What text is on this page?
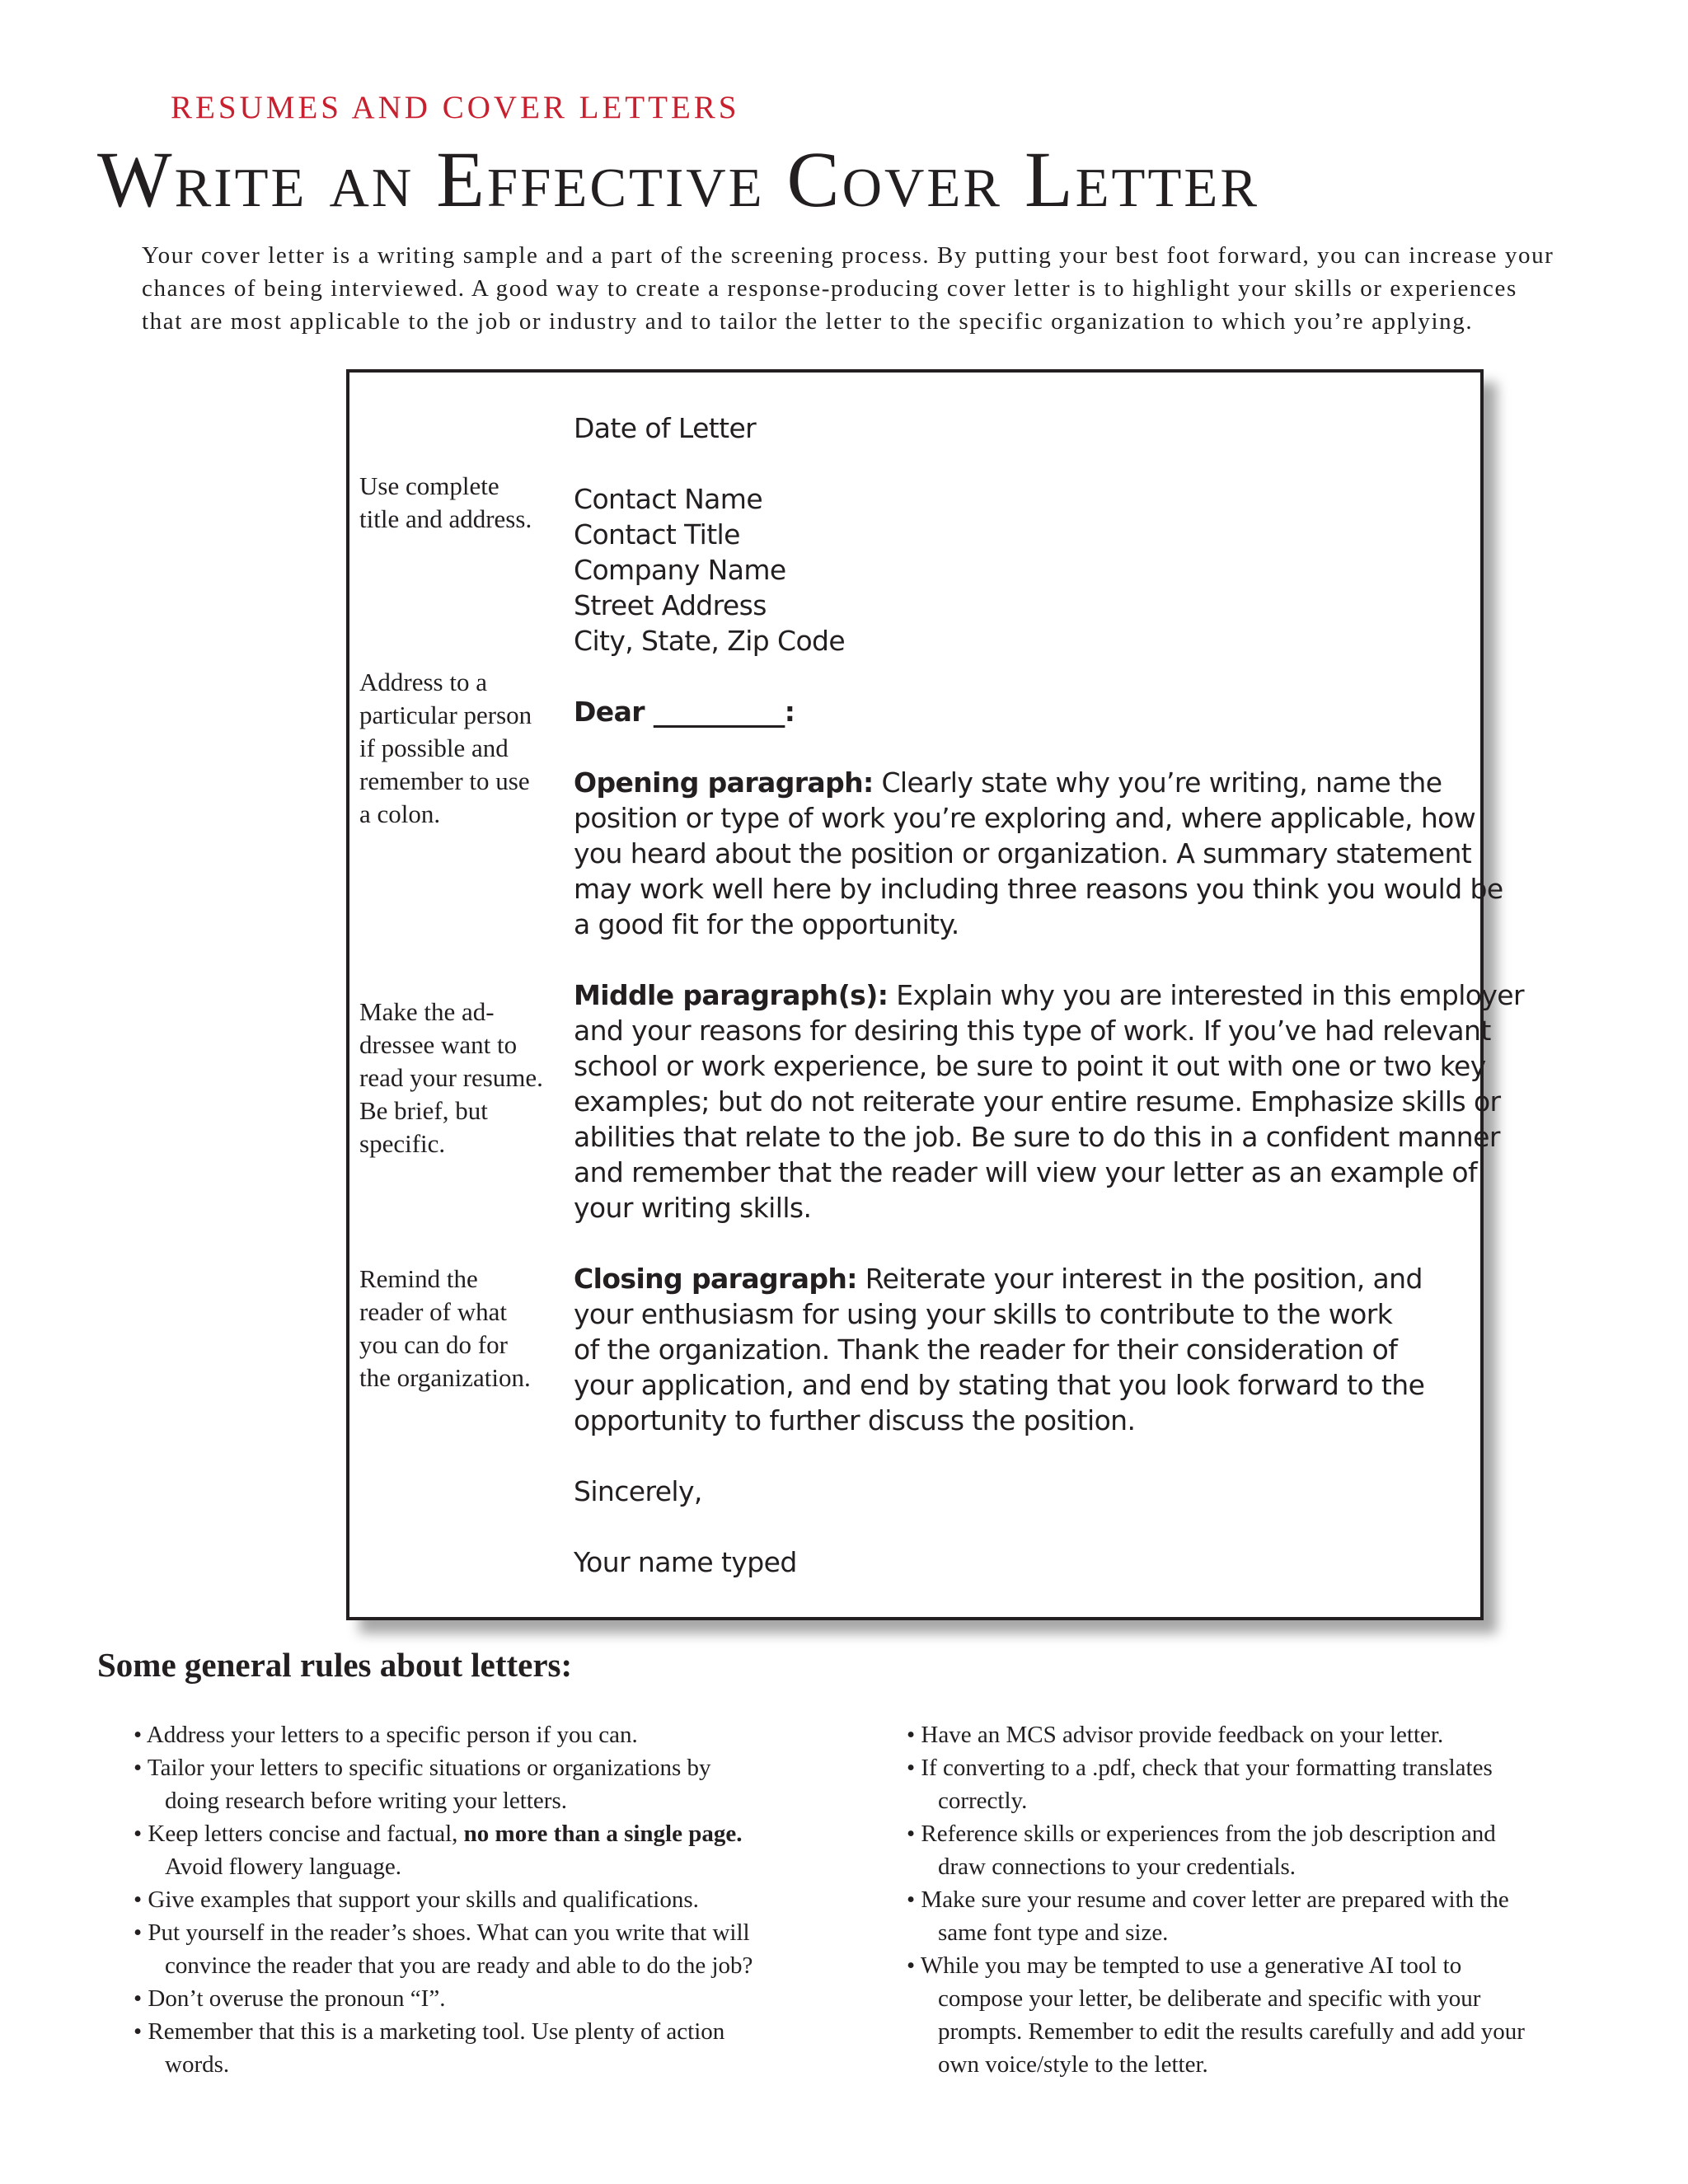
RESUMES AND COVER LETTERS
Write an Effective Cover Letter
Your cover letter is a writing sample and a part of the screening process. By putting your best foot forward, you can increase your
chances of being interviewed. A good way to create a response-producing cover letter is to highlight your skills or experiences
that are most applicable to the job or industry and to tailor the letter to the specific organization to which you’re applying.
Use complete
title and address.
Address to a
particular person
if possible and
remember to use
a colon.
Make the ad-
dressee want to
read your resume.
Be brief, but
specific.
Remind the
reader of what
you can do for
the organization.
Date of Letter
Contact Name
Contact Title
Company Name
Street Address
City, State, Zip Code
Dear __________:
Opening paragraph: Clearly state why you’re writing, name the
position or type of work you’re exploring and, where applicable, how
you heard about the position or organization. A summary statement
may work well here by including three reasons you think you would be
a good fit for the opportunity.
Middle paragraph(s): Explain why you are interested in this employer
and your reasons for desiring this type of work. If you’ve had relevant
school or work experience, be sure to point it out with one or two key
examples; but do not reiterate your entire resume. Emphasize skills or
abilities that relate to the job. Be sure to do this in a confident manner
and remember that the reader will view your letter as an example of
your writing skills.
Closing paragraph: Reiterate your interest in the position, and
your enthusiasm for using your skills to contribute to the work
of the organization. Thank the reader for their consideration of
your application, and end by stating that you look forward to the
opportunity to further discuss the position.
Sincerely,
Your name typed
Some general rules about letters:
• Address your letters to a specific person if you can.
• Tailor your letters to specific situations or organizations by
doing research before writing your letters.
• Keep letters concise and factual, no more than a single page.
Avoid flowery language.
• Give examples that support your skills and qualifications.
• Put yourself in the reader’s shoes. What can you write that will
convince the reader that you are ready and able to do the job?
• Don’t overuse the pronoun “I”.
• Remember that this is a marketing tool. Use plenty of action
words.
• Have an MCS advisor provide feedback on your letter.
• If converting to a .pdf, check that your formatting translates
correctly.
• Reference skills or experiences from the job description and
draw connections to your credentials.
• Make sure your resume and cover letter are prepared with the
same font type and size.
• While you may be tempted to use a generative AI tool to
compose your letter, be deliberate and specific with your
prompts. Remember to edit the results carefully and add your
own voice/style to the letter.
